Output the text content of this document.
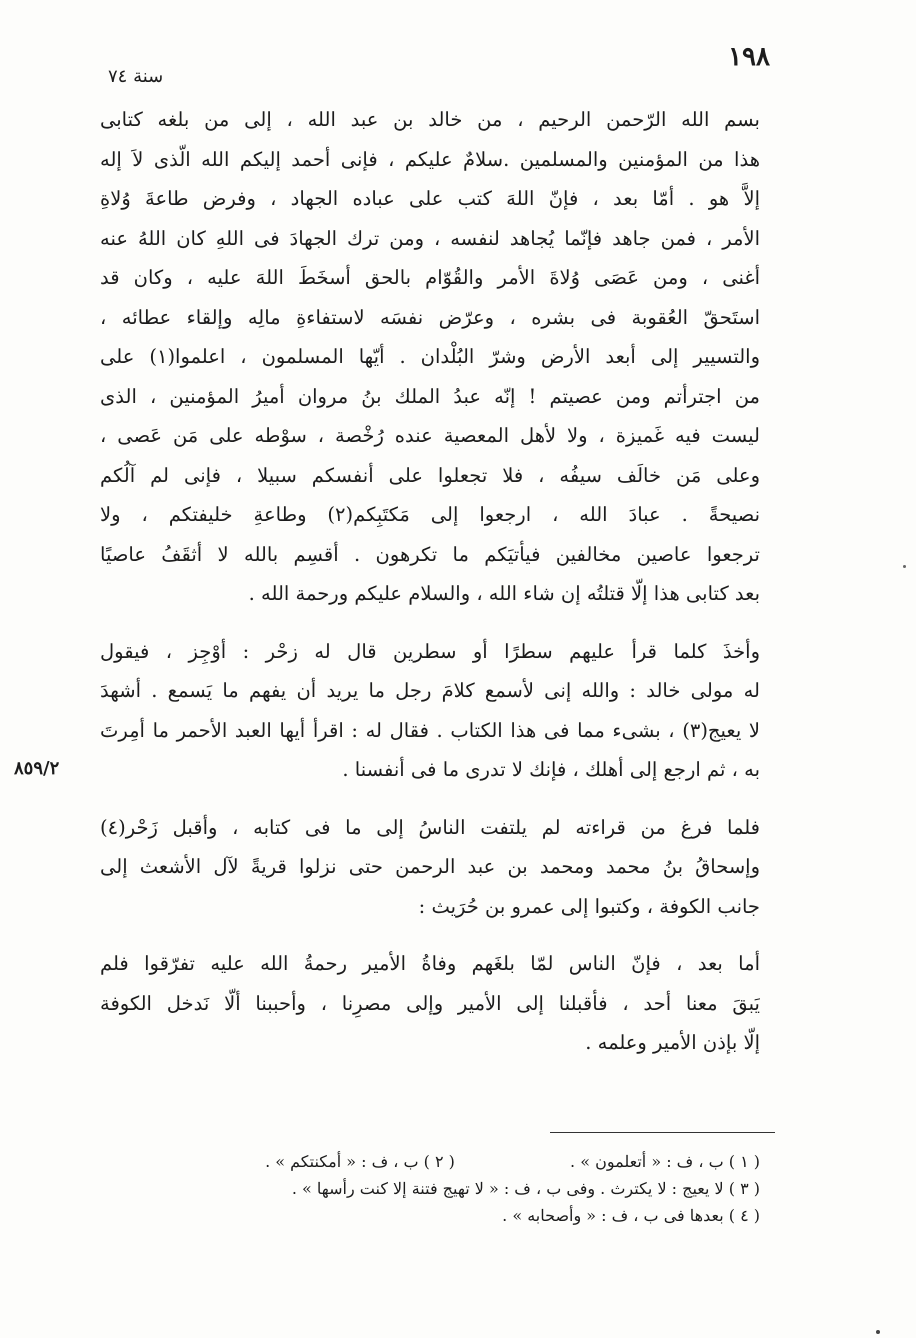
١٩٨
سنة ٧٤
بسم الله الرّحمن الرحيم ، من خالد بن عبد الله ، إلى من بلغه كتابى
هذا من المؤمنين والمسلمين .سلامٌ عليكم ، فإنى أحمد إليكم الله الّذى لاَ إله
إلاَّ هو . أمّا بعد ، فإنّ اللهَ كتب على عباده الجهاد ، وفرض طاعةَ وُلاةِ
الأمر ، فمن جاهد فإنّما يُجاهد لنفسه ، ومن ترك الجهادَ فى اللهِ كان اللهُ عنه
أغنى ، ومن عَصَى وُلاةَ الأمر والقُوّام بالحق أسخَطَ اللهَ عليه ، وكان قد
استَحقّ العُقوبة فى بشره ، وعرّض نفسَه لاستفاءةِ مالِه وإلقاء عطائه ،
والتسيير إلى أبعد الأرض وشرّ البُلْدان . أيّها المسلمون ، اعلموا(١) على
من اجترأتم ومن عصيتم ! إنّه عبدُ الملك بنُ مروان أميرُ المؤمنين ، الذى
ليست فيه غَميزة ، ولا لأهل المعصية عنده رُخْصة ، سوْطه على مَن عَصى ،
وعلى مَن خالَف سيفُه ، فلا تجعلوا على أنفسكم سبيلا ، فإنى لم آلُكم
نصيحةً . عبادَ الله ، ارجعوا إلى مَكتَبِكم(٢) وطاعةِ خليفتكم ، ولا
ترجعوا عاصين مخالفين فيأتيَكم ما تكرهون . أقسِم بالله لا أثقَفُ عاصيًا
بعد كتابى هذا إلّا قتلتُه إن شاء الله ، والسلام عليكم ورحمة الله .
وأخذَ كلما قرأ عليهم سطرًا أو سطرين قال له زحْر : أوْجِز ، فيقول
له مولى خالد : والله إنى لأسمع كلامَ رجل ما يريد أن يفهم ما يَسمع . أشهدَ
لا يعيج(٣) ، بشىء مما فى هذا الكتاب . فقال له : اقرأ أيها العبد الأحمر ما أمِرتَ
به ، ثم ارجع إلى أهلك ، فإنك لا تدرى ما فى أنفسنا .
فلما فرغ من قراءته لم يلتفت الناسُ إلى ما فى كتابه ، وأقبل زَحْر(٤)
وإسحاقُ بنُ محمد ومحمد بن عبد الرحمن حتى نزلوا قريةً لآل الأشعث إلى
جانب الكوفة ، وكتبوا إلى عمرو بن حُرَيث :
أما بعد ، فإنّ الناس لمّا بلغَهم وفاةُ الأمير رحمةُ الله عليه تفرّقوا فلم
يَبقَ معنا أحد ، فأقبلنا إلى الأمير وإلى مصرِنا ، وأحببنا ألّا نَدخل الكوفة
إلّا بإذن الأمير وعلمه .
٨٥٩/٢
( ١ ) ب ، ف : « أتعلمون » . ( ٢ ) ب ، ف : « أمكنتكم » .
( ٣ ) لا يعيج : لا يكترث . وفى ب ، ف : « لا تهيج فتنة إلا كنت رأسها » .
( ٤ ) بعدها فى ب ، ف : « وأصحابه » .
